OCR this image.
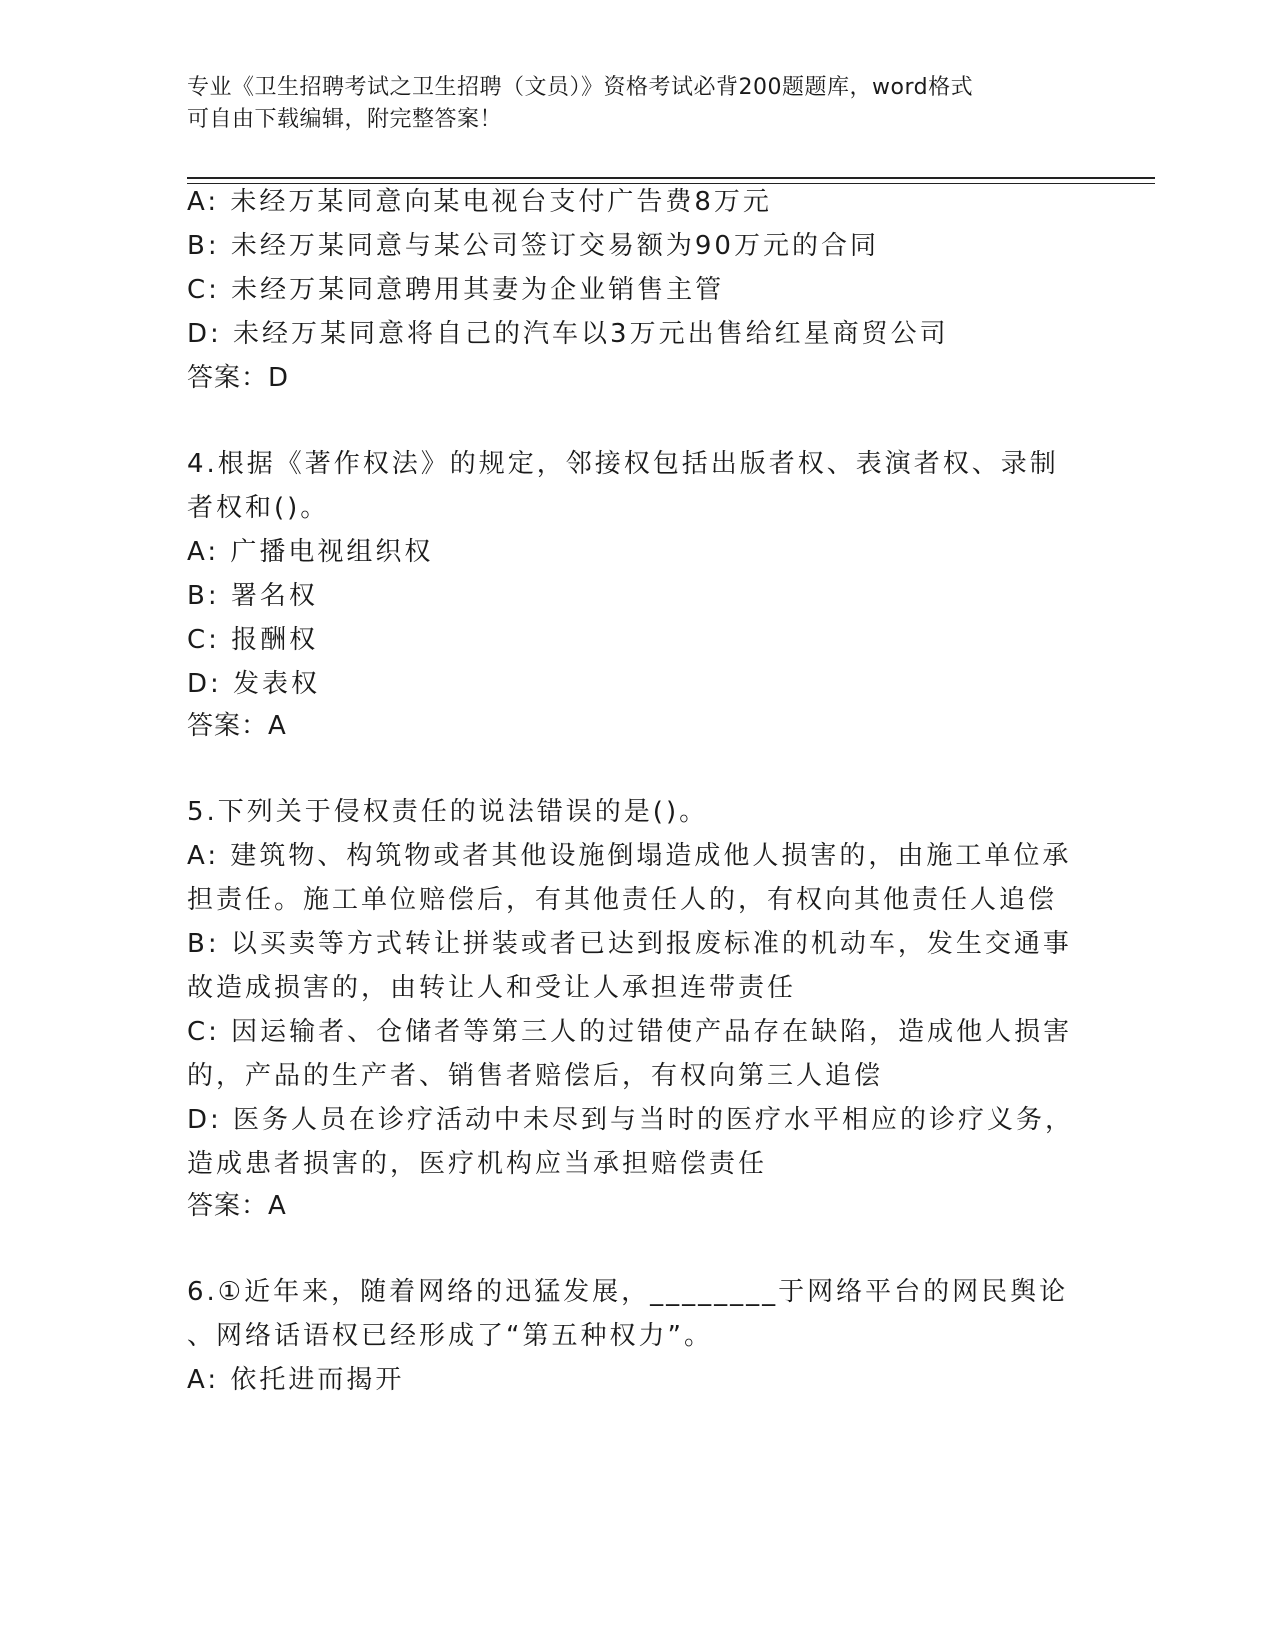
专业《卫生招聘考试之卫生招聘（文员）》资格考试必背200题题库，word格式
可自由下载编辑，附完整答案！
A: 未经万某同意向某电视台支付广告费8万元
B: 未经万某同意与某公司签订交易额为90万元的合同
C: 未经万某同意聘用其妻为企业销售主管
D: 未经万某同意将自己的汽车以3万元出售给红星商贸公司
答案：D
4.根据《著作权法》的规定，邻接权包括出版者权、表演者权、录制
者权和()。
A: 广播电视组织权
B: 署名权
C: 报酬权
D: 发表权
答案：A
5.下列关于侵权责任的说法错误的是()。
A: 建筑物、构筑物或者其他设施倒塌造成他人损害的，由施工单位承
担责任。施工单位赔偿后，有其他责任人的，有权向其他责任人追偿
B: 以买卖等方式转让拼装或者已达到报废标准的机动车，发生交通事
故造成损害的，由转让人和受让人承担连带责任
C: 因运输者、仓储者等第三人的过错使产品存在缺陷，造成他人损害
的，产品的生产者、销售者赔偿后，有权向第三人追偿
D: 医务人员在诊疗活动中未尽到与当时的医疗水平相应的诊疗义务，
造成患者损害的，医疗机构应当承担赔偿责任
答案：A
6.①近年来，随着网络的迅猛发展，________于网络平台的网民舆论
、网络话语权已经形成了“第五种权力”。
A: 依托进而揭开
